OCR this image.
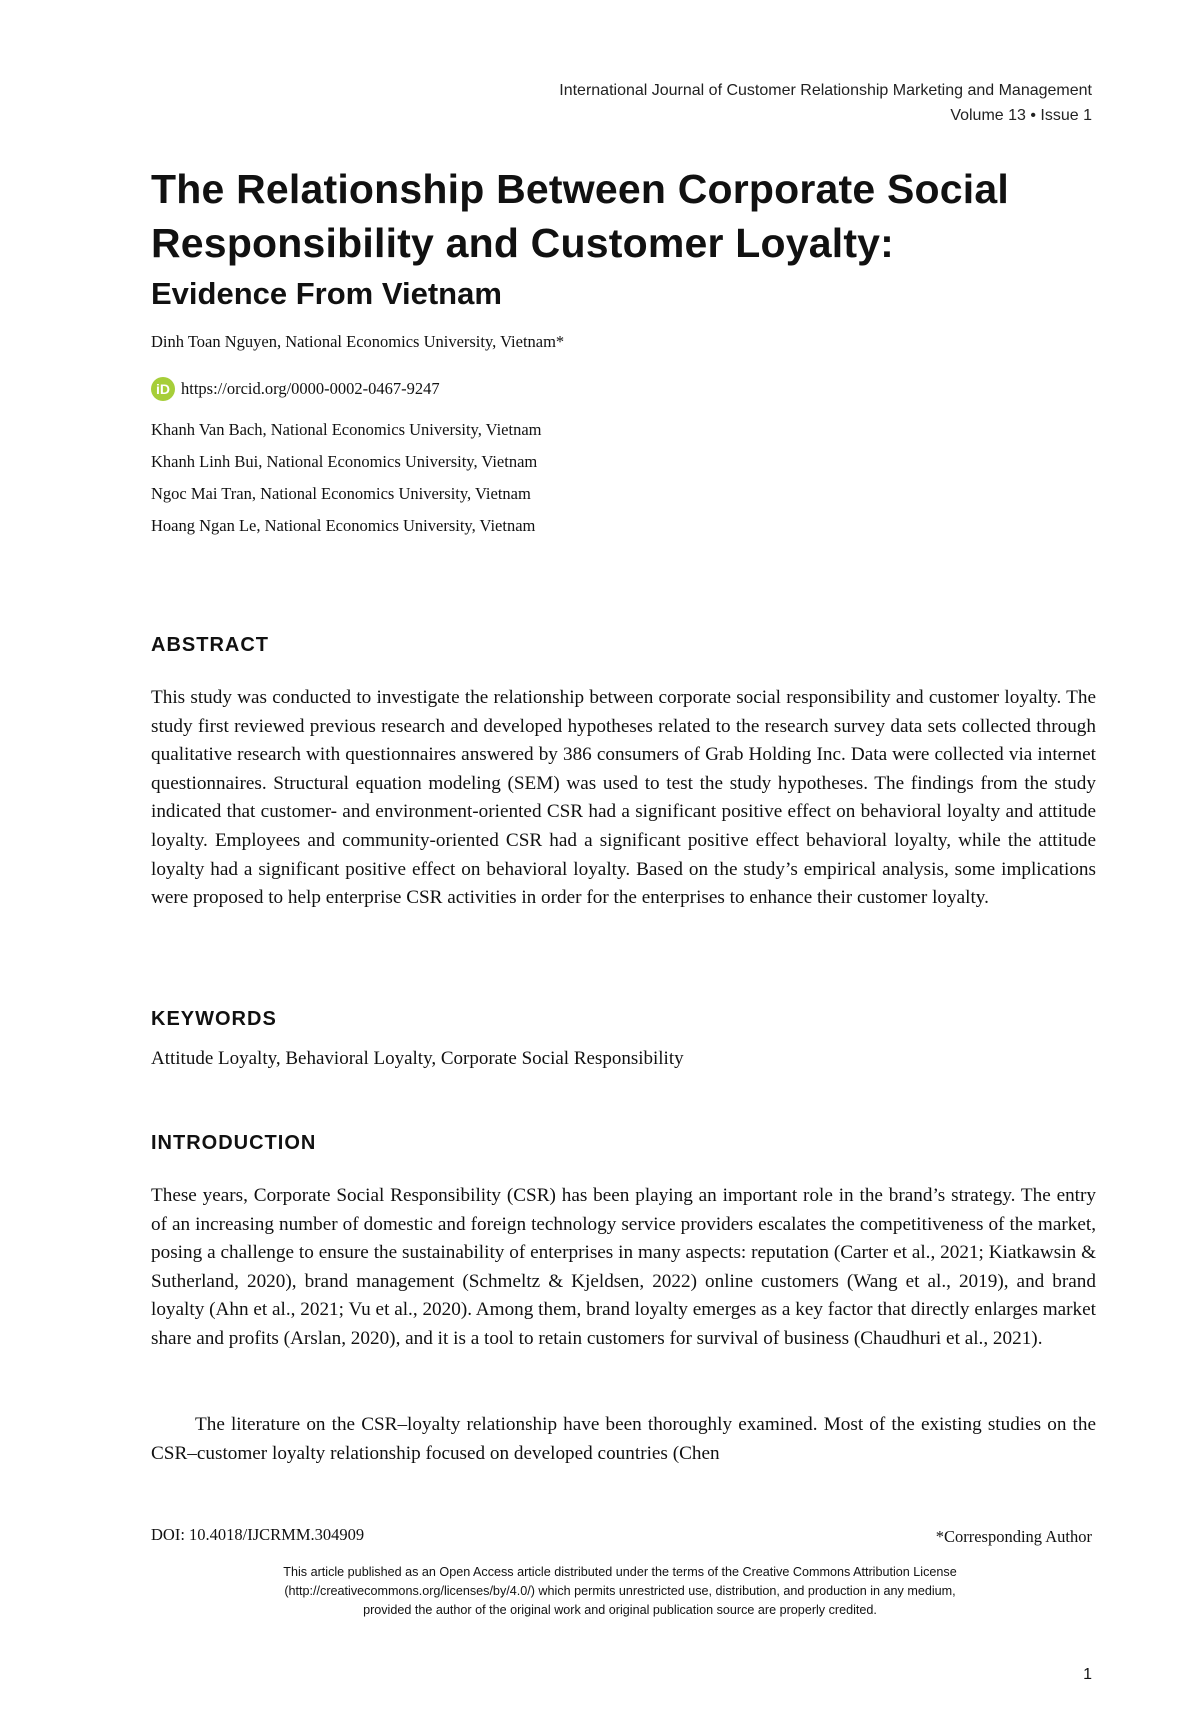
International Journal of Customer Relationship Marketing and Management
Volume 13 • Issue 1
The Relationship Between Corporate Social Responsibility and Customer Loyalty:
Evidence From Vietnam
Dinh Toan Nguyen, National Economics University, Vietnam*
iD https://orcid.org/0000-0002-0467-9247
Khanh Van Bach, National Economics University, Vietnam
Khanh Linh Bui, National Economics University, Vietnam
Ngoc Mai Tran, National Economics University, Vietnam
Hoang Ngan Le, National Economics University, Vietnam
ABSTRACT

This study was conducted to investigate the relationship between corporate social responsibility and customer loyalty. The study first reviewed previous research and developed hypotheses related to the research survey data sets collected through qualitative research with questionnaires answered by 386 consumers of Grab Holding Inc. Data were collected via internet questionnaires. Structural equation modeling (SEM) was used to test the study hypotheses. The findings from the study indicated that customer- and environment-oriented CSR had a significant positive effect on behavioral loyalty and attitude loyalty. Employees and community-oriented CSR had a significant positive effect behavioral loyalty, while the attitude loyalty had a significant positive effect on behavioral loyalty. Based on the study’s empirical analysis, some implications were proposed to help enterprise CSR activities in order for the enterprises to enhance their customer loyalty.

KEYWORDS
Attitude Loyalty, Behavioral Loyalty, Corporate Social Responsibility
INTRODUCTION

These years, Corporate Social Responsibility (CSR) has been playing an important role in the brand’s strategy. The entry of an increasing number of domestic and foreign technology service providers escalates the competitiveness of the market, posing a challenge to ensure the sustainability of enterprises in many aspects: reputation (Carter et al., 2021; Kiatkawsin & Sutherland, 2020), brand management (Schmeltz & Kjeldsen, 2022) online customers (Wang et al., 2019), and brand loyalty (Ahn et al., 2021; Vu et al., 2020). Among them, brand loyalty emerges as a key factor that directly enlarges market share and profits (Arslan, 2020), and it is a tool to retain customers for survival of business (Chaudhuri et al., 2021).

The literature on the CSR–loyalty relationship have been thoroughly examined. Most of the existing studies on the CSR–customer loyalty relationship focused on developed countries (Chen

DOI: 10.4018/IJCRMM.304909	*Corresponding Author
This article published as an Open Access article distributed under the terms of the Creative Commons Attribution License
(http://creativecommons.org/licenses/by/4.0/) which permits unrestricted use, distribution, and production in any medium,
provided the author of the original work and original publication source are properly credited.
1
